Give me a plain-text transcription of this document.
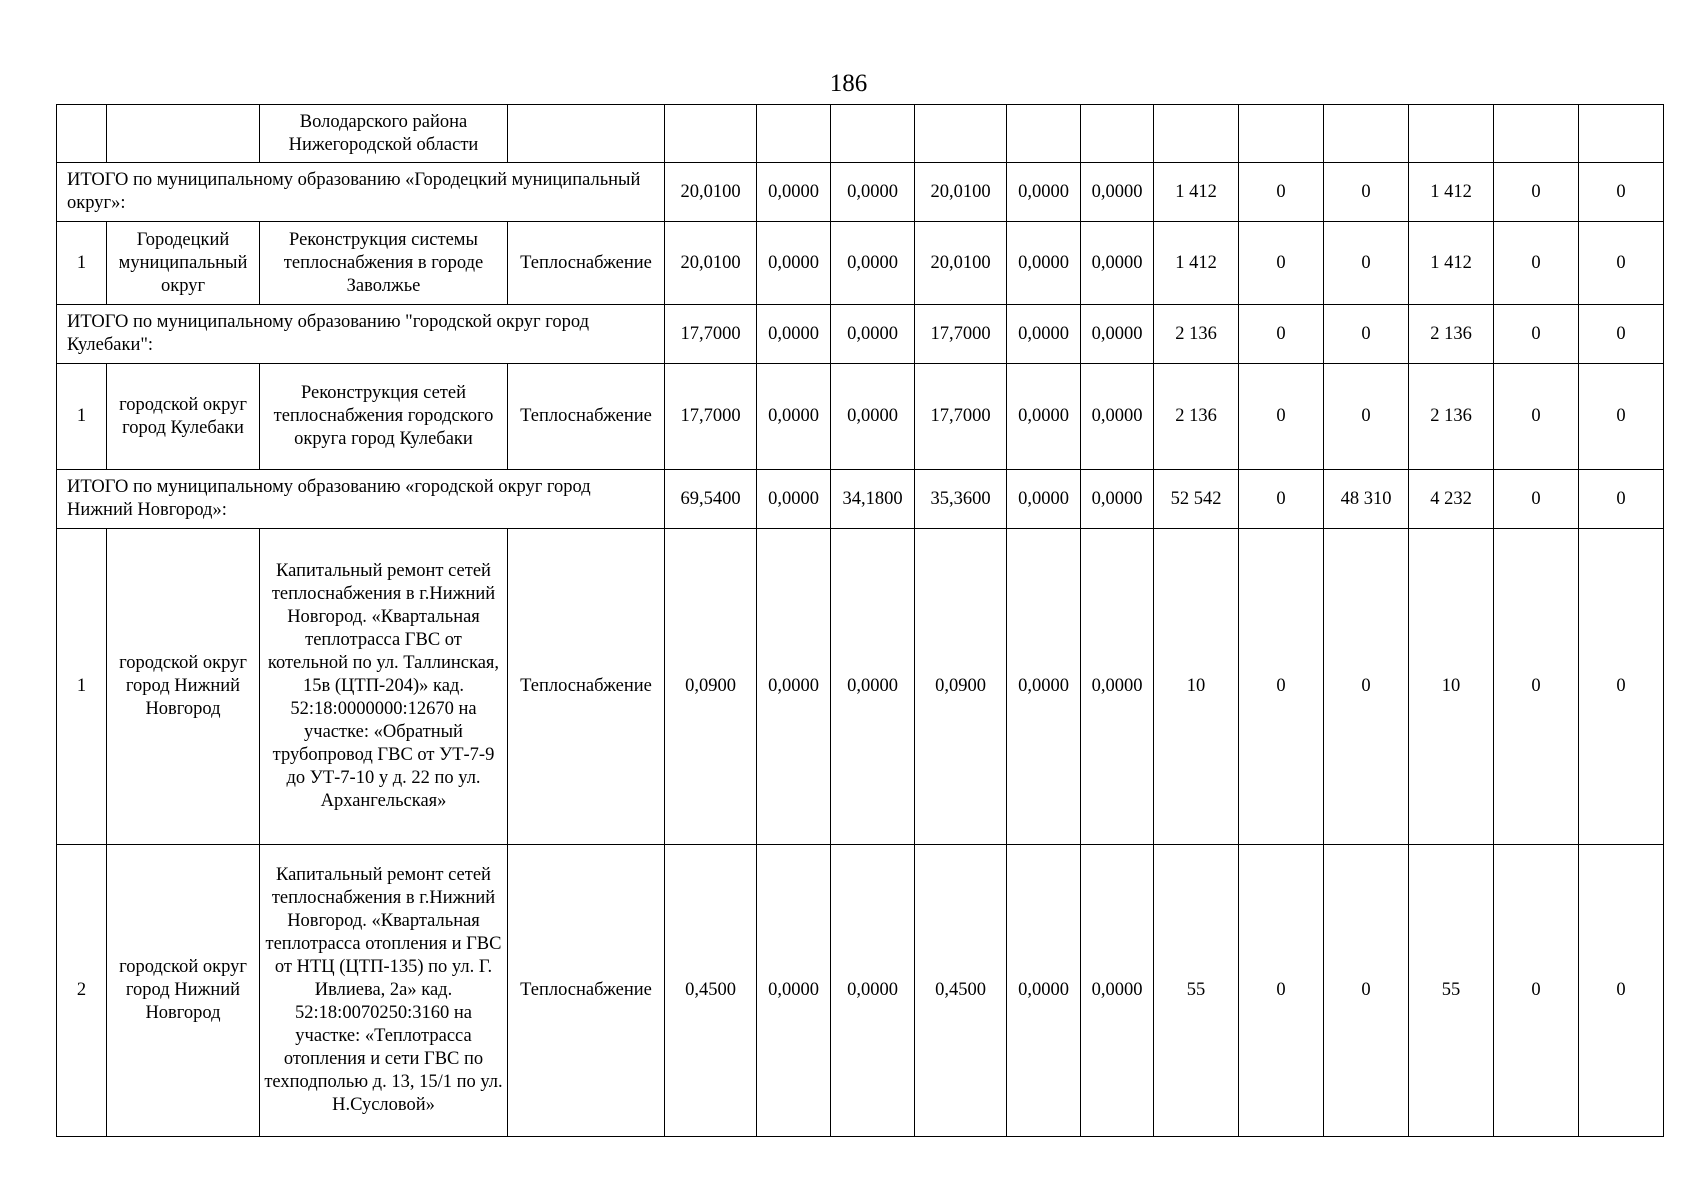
186
		Володарского района Нижегородской области													
ИТОГО по муниципальному образованию «Городецкий муниципальный округ»:				20,0100	0,0000	0,0000	20,0100	0,0000	0,0000	1 412	0	0	1 412	0	0
1	Городецкий муниципальный округ	Реконструкция системы теплоснабжения в городе Заволжье	Теплоснабжение	20,0100	0,0000	0,0000	20,0100	0,0000	0,0000	1 412	0	0	1 412	0	0
ИТОГО по муниципальному образованию "городской округ город Кулебаки":				17,7000	0,0000	0,0000	17,7000	0,0000	0,0000	2 136	0	0	2 136	0	0
1	городской округ город Кулебаки	Реконструкция сетей теплоснабжения городского округа город Кулебаки	Теплоснабжение	17,7000	0,0000	0,0000	17,7000	0,0000	0,0000	2 136	0	0	2 136	0	0
ИТОГО по муниципальному образованию «городской округ город Нижний Новгород»:				69,5400	0,0000	34,1800	35,3600	0,0000	0,0000	52 542	0	48 310	4 232	0	0
1	городской округ город Нижний Новгород	Капитальный ремонт сетей теплоснабжения в г.Нижний Новгород. «Квартальная теплотрасса ГВС от котельной по ул. Таллинская, 15в (ЦТП-204)» кад. 52:18:0000000:12670 на участке: «Обратный трубопровод ГВС от УТ-7-9 до УТ-7-10 у д. 22 по ул. Архангельская»	Теплоснабжение	0,0900	0,0000	0,0000	0,0900	0,0000	0,0000	10	0	0	10	0	0
2	городской округ город Нижний Новгород	Капитальный ремонт сетей теплоснабжения в г.Нижний Новгород. «Квартальная теплотрасса отопления и ГВС от НТЦ (ЦТП-135) по ул. Г. Ивлиева, 2а» кад. 52:18:0070250:3160 на участке: «Теплотрасса отопления и сети ГВС по техподполью д. 13, 15/1 по ул. Н.Сусловой»	Теплоснабжение	0,4500	0,0000	0,0000	0,4500	0,0000	0,0000	55	0	0	55	0	0
